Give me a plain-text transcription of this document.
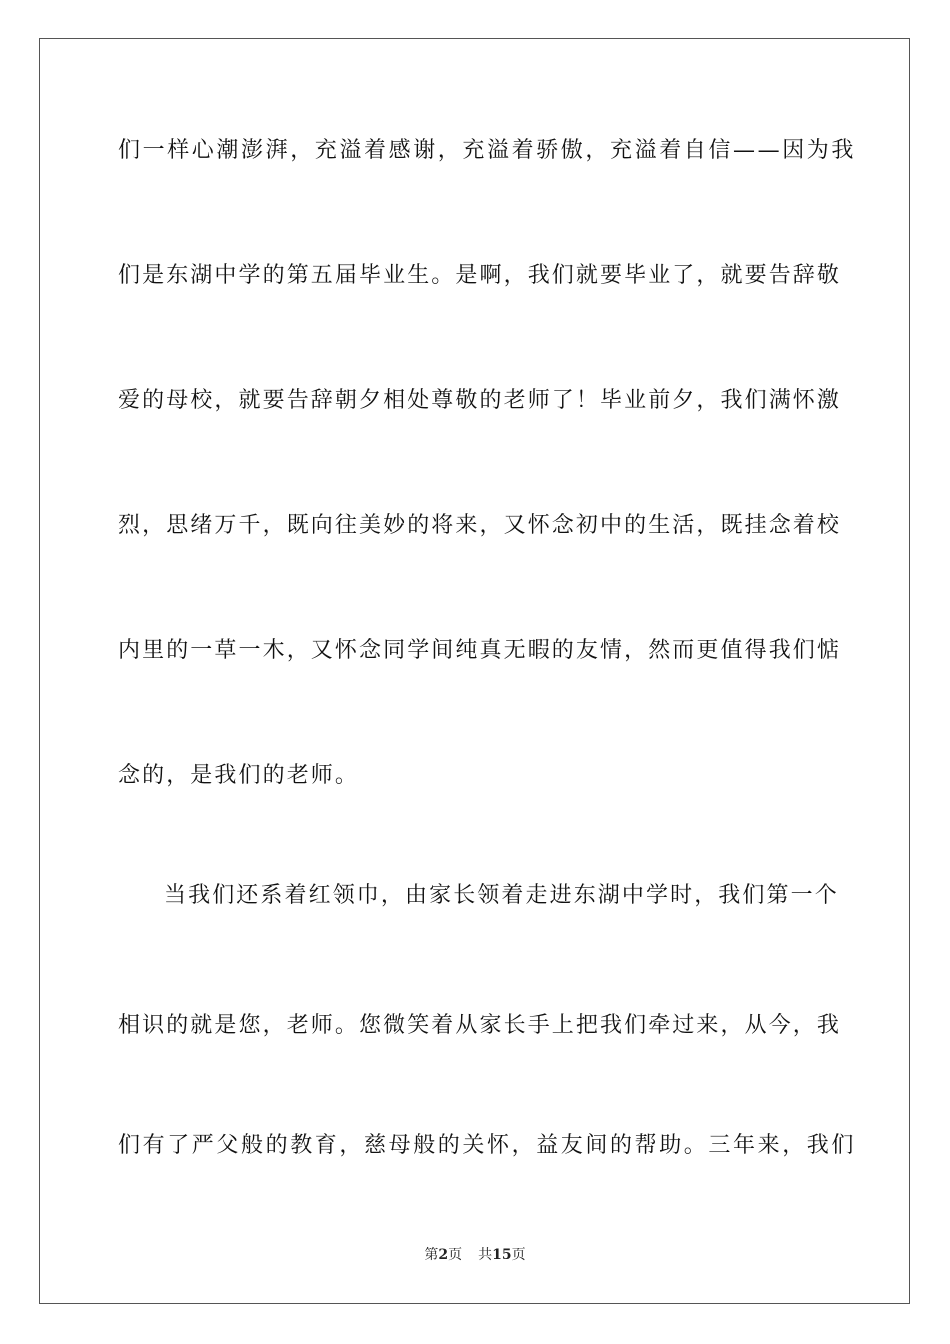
们一样心潮澎湃，充溢着感谢，充溢着骄傲，充溢着自信——因为我
们是东湖中学的第五届毕业生。是啊，我们就要毕业了，就要告辞敬
爱的母校，就要告辞朝夕相处尊敬的老师了！毕业前夕，我们满怀激
烈，思绪万千，既向往美妙的将来，又怀念初中的生活，既挂念着校
内里的一草一木，又怀念同学间纯真无暇的友情，然而更值得我们惦
念的，是我们的老师。
当我们还系着红领巾，由家长领着走进东湖中学时，我们第一个
相识的就是您，老师。您微笑着从家长手上把我们牵过来，从今，我
们有了严父般的教育，慈母般的关怀，益友间的帮助。三年来，我们
第2页 共15页
